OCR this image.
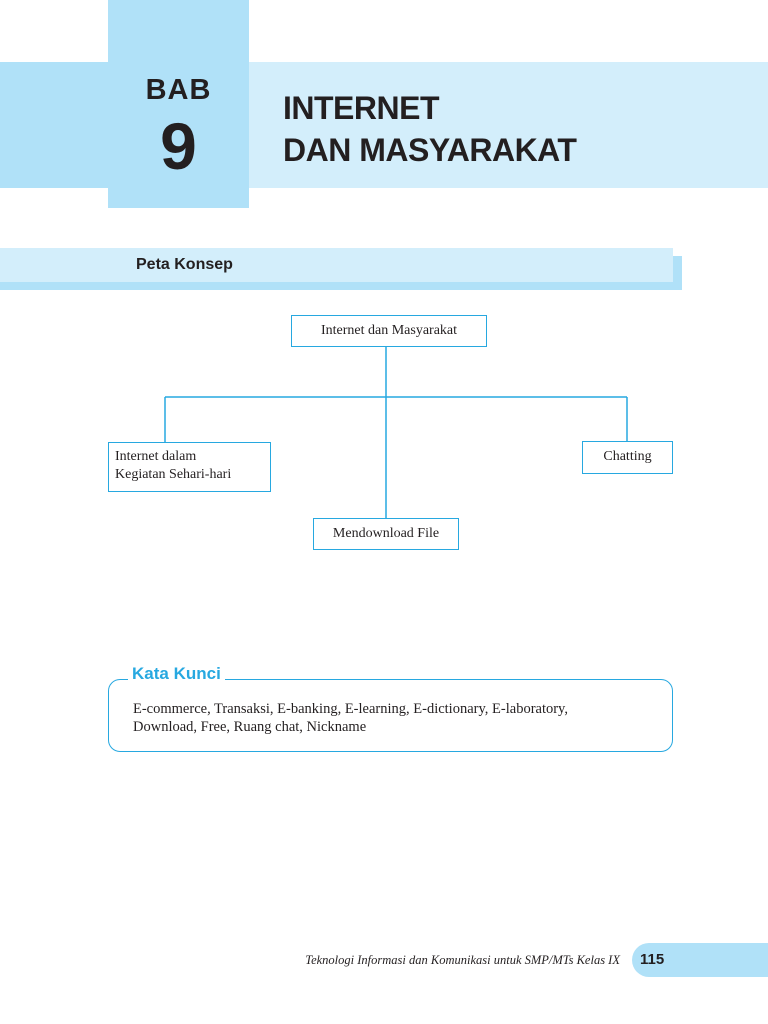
BAB
9
INTERNET
DAN MASYARAKAT
Peta Konsep
Internet dan Masyarakat
Internet dalam
Kegiatan Sehari-hari
Chatting
Mendownload File
Kata Kunci
E-commerce, Transaksi, E-banking, E-learning, E-dictionary, E-laboratory,
Download, Free, Ruang chat, Nickname
Teknologi Informasi dan Komunikasi untuk SMP/MTs Kelas IX 115
